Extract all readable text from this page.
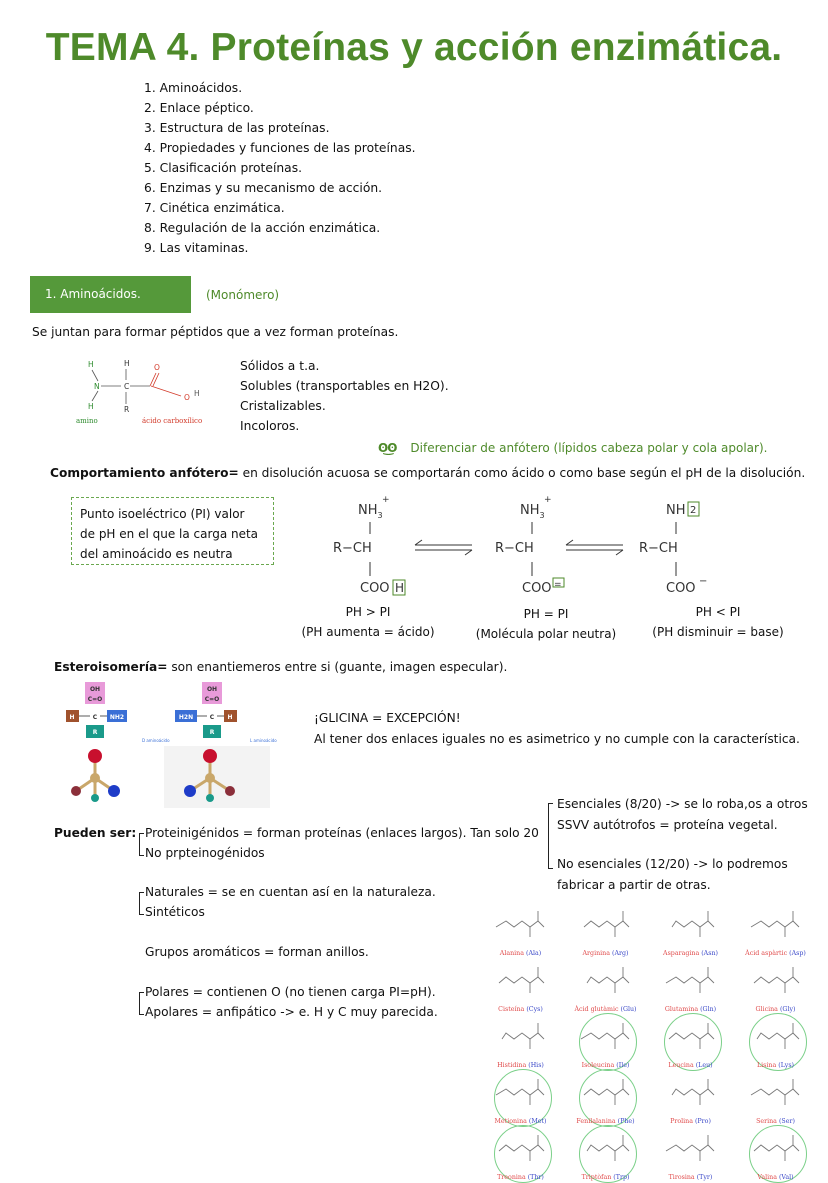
TEMA 4. Proteínas y acción enzimática.
1. Aminoácidos.
2. Enlace péptico.
3. Estructura de las proteínas.
4. Propiedades y funciones de las proteínas.
5. Clasificación proteínas.
6. Enzimas y su mecanismo de acción.
7. Cinética enzimática.
8. Regulación de la acción enzimática.
9. Las vitaminas.
1. Aminoácidos.	(Monómero)
Se juntan para formar péptidos que a vez forman proteínas.
H
N
H
H
C
R
O
O H
amino	ácido carboxílico
Sólidos a t.a.
Solubles (transportables en H2O).
Cristalizables.
Incoloros.
ʘ͜ʘ Diferenciar de anfótero (lípidos cabeza polar y cola apolar).
Comportamiento anfótero= en disolución acuosa se comportarán como ácido o como base según el pH de la disolución.
Punto isoeléctrico (PI) valor
de pH en el que la carga neta
del aminoácido es neutra
$NH_3$
+
R−CH
COO H
$NH_3$
+
R−CH
COO =
NH 2
R−CH
COO −
PH > PI
(PH aumenta = ácido)
PH = PI
(Molécula polar neutra)
PH < PI
(PH disminuir = base)
Esteroisomería= son enantiemeros entre si (guante, imagen especular).
OH
C=O
H	C NH2
R
OH
C=O
H2N	C H
R
D aminoácido	L aminoácido
¡GLICINA = EXCEPCIÓN!
Al tener dos enlaces iguales no es asimetrico y no cumple con la característica.
Esenciales (8/20) -> se lo roba,os a otros
SSVV autótrofos = proteína vegetal.
No esenciales (12/20) -> lo podremos
fabricar a partir de otras.
Pueden ser: Proteinigénidos = forman proteínas (enlaces largos). Tan solo 20
No prpteinogénidos
Naturales = se en cuentan así en la naturaleza.
Sintéticos
Grupos aromáticos = forman anillos.
Polares = contienen O (no tienen carga PI=pH).
Apolares = anfipático -> e. H y C muy parecida.
Alanina (Ala)	Arginina (Arg)	Asparagina (Asn)	Àcid aspàrtic (Asp)
Cisteína (Cys)	Àcid glutàmic (Glu)	Glutamina (Gln)	Glicina (Gly)
Histidina (His)	Isoleucina (Ile)	Leucina (Leu)	Lisina (Lys)
Metionina (Met)	Fenilalanina (Phe)	Prolina (Pro)	Serina (Ser)
Treonina (Thr)	Triptòfan (Trp)	Tirosina (Tyr)	Valina (Val)
